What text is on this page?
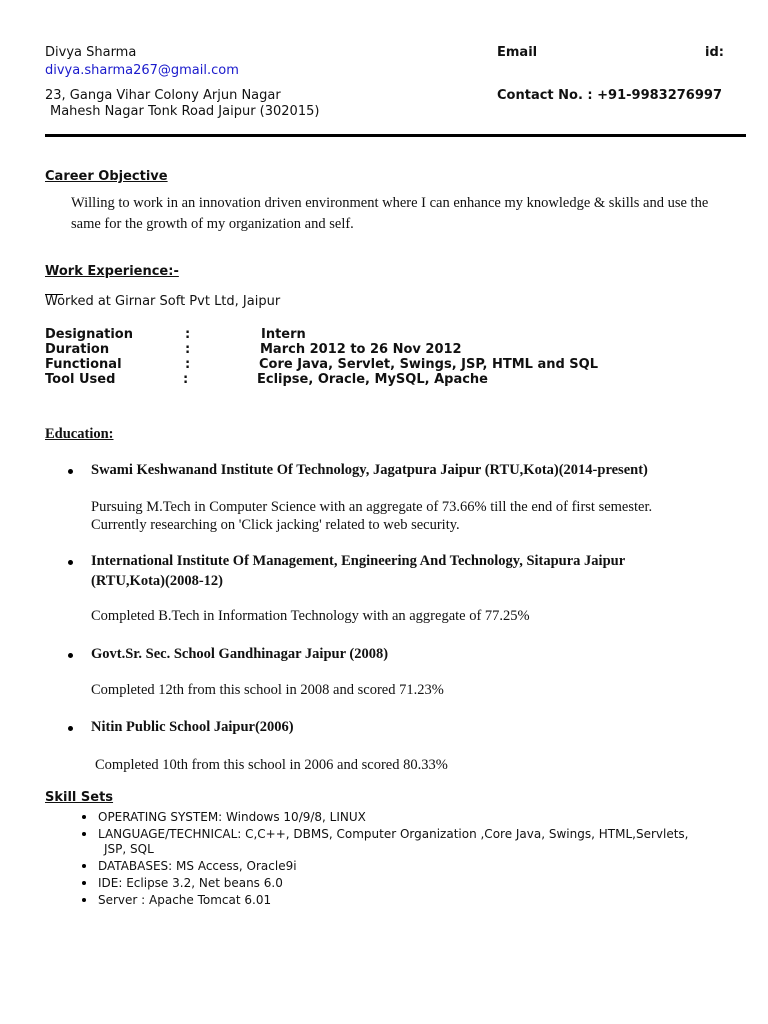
Divya Sharma	Email	id:
divya.sharma267@gmail.com
23, Ganga Vihar Colony Arjun Nagar	Contact No. : +91-9983276997
Mahesh Nagar Tonk Road Jaipur (302015)
Career Objective
Willing to work in an innovation driven environment where I can enhance my knowledge & skills and use the
same for the growth of my organization and self.
Work Experience:-
Worked at Girnar Soft Pvt Ltd, Jaipur
Designation	:	Intern
Duration	:	March 2012 to 26 Nov 2012
Functional	:	Core Java, Servlet, Swings, JSP, HTML and SQL
Tool Used	:	Eclipse, Oracle, MySQL, Apache
Education:
Swami Keshwanand Institute Of Technology, Jagatpura Jaipur (RTU,Kota)(2014-present)
Pursuing M.Tech in Computer Science with an aggregate of 73.66% till the end of first semester.
Currently researching on 'Click jacking' related to web security.
International Institute Of Management, Engineering And Technology, Sitapura Jaipur
(RTU,Kota)(2008-12)
Completed B.Tech in Information Technology with an aggregate of 77.25%
Govt.Sr. Sec. School Gandhinagar Jaipur (2008)
Completed 12th from this school in 2008 and scored 71.23%
Nitin Public School Jaipur(2006)
Completed 10th from this school in 2006 and scored 80.33%
Skill Sets
OPERATING SYSTEM: Windows 10/9/8, LINUX
LANGUAGE/TECHNICAL: C,C++, DBMS, Computer Organization ,Core Java, Swings, HTML,Servlets,
JSP, SQL
DATABASES: MS Access, Oracle9i
IDE: Eclipse 3.2, Net beans 6.0
Server : Apache Tomcat 6.01
